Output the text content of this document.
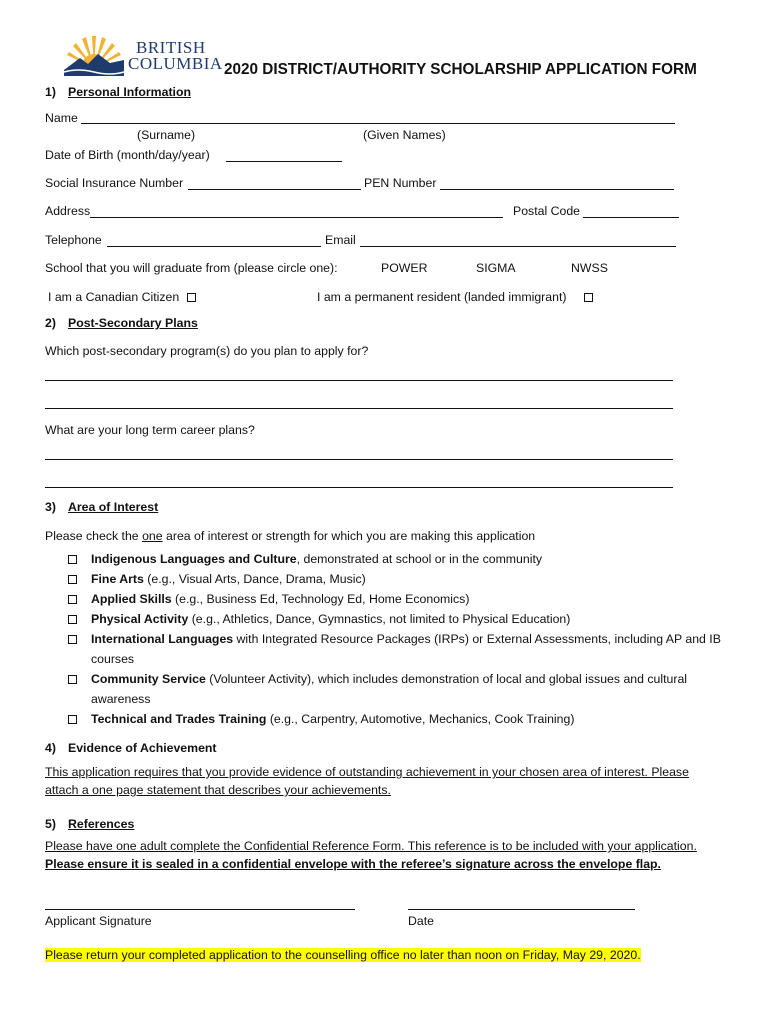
BRITISH
COLUMBIA 2020 DISTRICT/AUTHORITY SCHOLARSHIP APPLICATION FORM
1) Personal Information
Name
(Surname)	(Given Names)
Date of Birth (month/day/year)
Social Insurance Number	PEN Number
Address	Postal Code
Telephone	Email
School that you will graduate from (please circle one):	POWER	SIGMA	NWSS
I am a Canadian Citizen	I am a permanent resident (landed immigrant)
2) Post-Secondary Plans
Which post-secondary program(s) do you plan to apply for?
What are your long term career plans?
3) Area of Interest
Please check the one area of interest or strength for which you are making this application
Indigenous Languages and Culture, demonstrated at school or in the community
Fine Arts (e.g., Visual Arts, Dance, Drama, Music)
Applied Skills (e.g., Business Ed, Technology Ed, Home Economics)
Physical Activity (e.g., Athletics, Dance, Gymnastics, not limited to Physical Education)
International Languages with Integrated Resource Packages (IRPs) or External Assessments, including AP and IB
courses
Community Service (Volunteer Activity), which includes demonstration of local and global issues and cultural
awareness
Technical and Trades Training (e.g., Carpentry, Automotive, Mechanics, Cook Training)
4) Evidence of Achievement
This application requires that you provide evidence of outstanding achievement in your chosen area of interest. Please
attach a one page statement that describes your achievements.
5) References
Please have one adult complete the Confidential Reference Form. This reference is to be included with your application.
Please ensure it is sealed in a confidential envelope with the referee’s signature across the envelope flap.
Applicant Signature	Date
Please return your completed application to the counselling office no later than noon on Friday, May 29, 2020.
